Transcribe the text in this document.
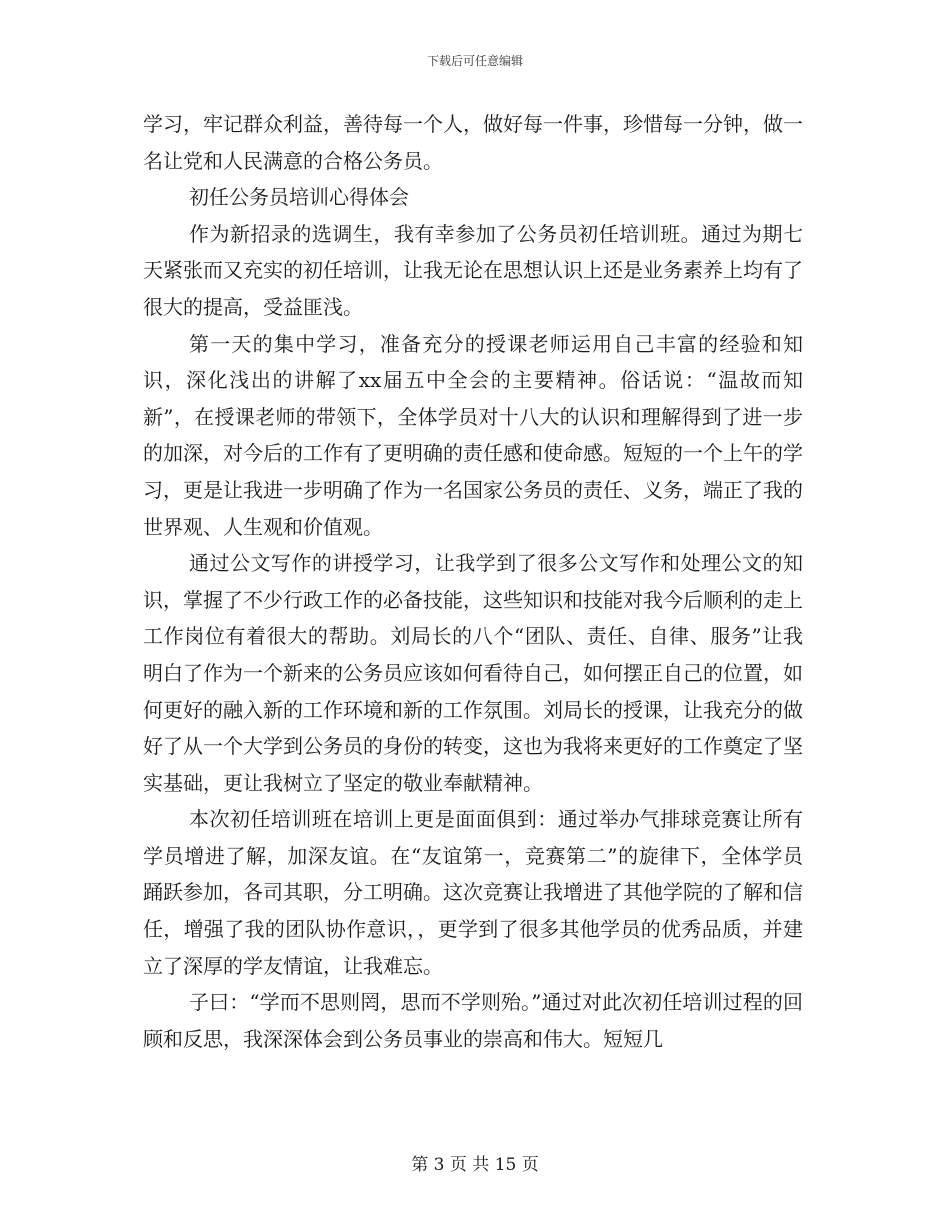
下载后可任意编辑

学习，牢记群众利益，善待每一个人，做好每一件事，珍惜每一分钟，做一名让党和人民满意的合格公务员。

初任公务员培训心得体会

作为新招录的选调生，我有幸参加了公务员初任培训班。通过为期七天紧张而又充实的初任培训，让我无论在思想认识上还是业务素养上均有了很大的提高，受益匪浅。

第一天的集中学习，准备充分的授课老师运用自己丰富的经验和知识，深化浅出的讲解了xx届五中全会的主要精神。俗话说：“温故而知新”，在授课老师的带领下，全体学员对十八大的认识和理解得到了进一步的加深，对今后的工作有了更明确的责任感和使命感。短短的一个上午的学习，更是让我进一步明确了作为一名国家公务员的责任、义务，端正了我的世界观、人生观和价值观。

通过公文写作的讲授学习，让我学到了很多公文写作和处理公文的知识，掌握了不少行政工作的必备技能，这些知识和技能对我今后顺利的走上工作岗位有着很大的帮助。刘局长的八个“团队、责任、自律、服务”让我明白了作为一个新来的公务员应该如何看待自己，如何摆正自己的位置，如何更好的融入新的工作环境和新的工作氛围。刘局长的授课，让我充分的做好了从一个大学到公务员的身份的转变，这也为我将来更好的工作奠定了坚实基础，更让我树立了坚定的敬业奉献精神。

本次初任培训班在培训上更是面面俱到：通过举办气排球竞赛让所有学员增进了解，加深友谊。在“友谊第一，竞赛第二”的旋律下，全体学员踊跃参加，各司其职，分工明确。这次竞赛让我增进了其他学院的了解和信任，增强了我的团队协作意识，，更学到了很多其他学员的优秀品质，并建立了深厚的学友情谊，让我难忘。

子曰：“学而不思则罔，思而不学则殆。”通过对此次初任培训过程的回顾和反思，我深深体会到公务员事业的崇高和伟大。短短几

第 3 页 共 15 页
